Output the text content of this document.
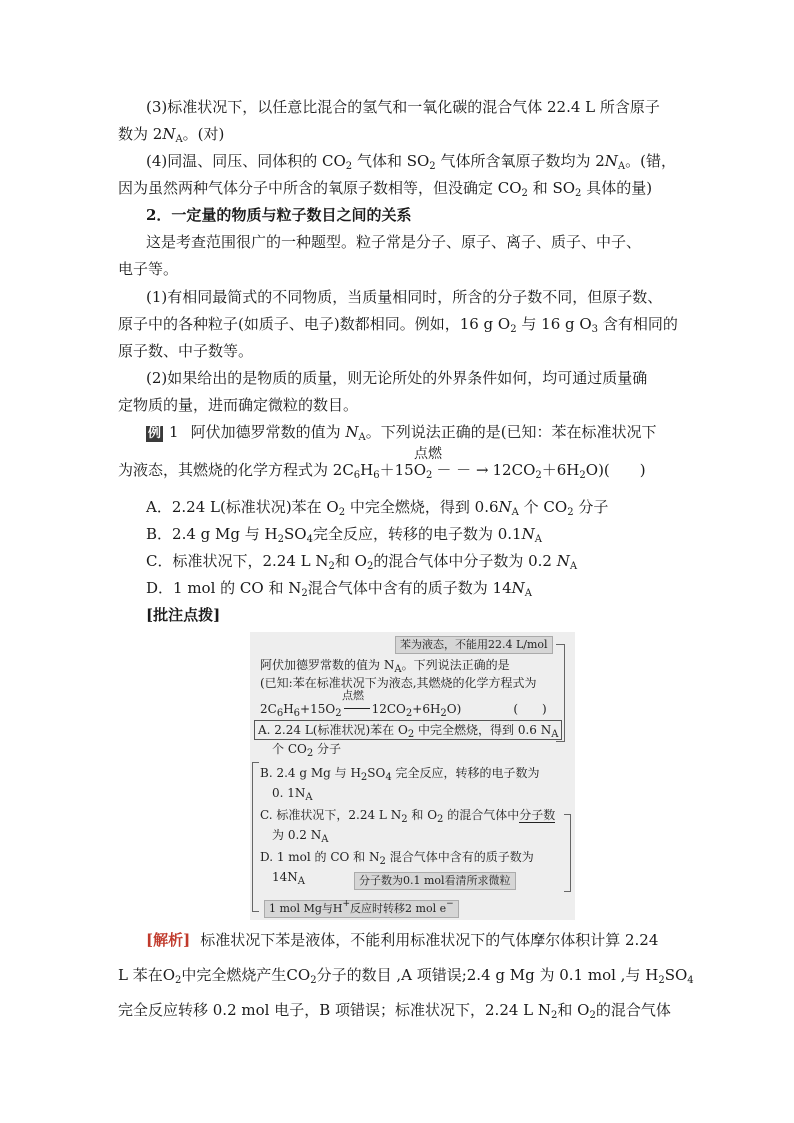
(3)标准状况下，以任意比混合的氢气和一氧化碳的混合气体 22.4 L 所含原子
数为 $2N_A$。(对)
(4)同温、同压、同体积的 $CO_2$ 气体和 $SO_2$ 气体所含氧原子数均为 $2N_A$。(错，
因为虽然两种气体分子中所含的氧原子数相等，但没确定 $CO_2$ 和 $SO_2$ 具体的量)
2．一定量的物质与粒子数目之间的关系
这是考查范围很广的一种题型。粒子常是分子、原子、离子、质子、中子、
电子等。
(1)有相同最简式的不同物质，当质量相同时，所含的分子数不同，但原子数、
原子中的各种粒子(如质子、电子)数都相同。例如，16 g $O_2$ 与 16 g $O_3$ 含有相同的
原子数、中子数等。
(2)如果给出的是物质的质量，则无论所处的外界条件如何，均可通过质量确
定物质的量，进而确定微粒的数目。
例 1 阿伏加德罗常数的值为 $N_A$。下列说法正确的是(已知：苯在标准状况下
点燃
为液态，其燃烧的化学方程式为 $2C_6H_6+15O_2$ － － → $12CO_2+6H_2O$)(　　)
A．2.24 L(标准状况)苯在 $O_2$ 中完全燃烧，得到 $0.6N_A$ 个 $CO_2$ 分子
B．2.4 g Mg 与 $H_2SO_4$完全反应，转移的电子数为 $0.1N_A$
C．标准状况下，2.24 L $N_2$和 $O_2$的混合气体中分子数为 0.2 $N_A$
D．1 mol 的 CO 和 $N_2$混合气体中含有的质子数为 $14N_A$
[批注点拨]
苯为液态，不能用22.4 L/mol
阿伏加德罗常数的值为 $N_A$。下列说法正确的是
(已知:苯在标准状况下为液态,其燃烧的化学方程式为
点燃
$2C_6H_6+15O_2$	$12CO_2+6H_2O$)	(　　)
A. 2.24 L(标准状况)苯在 $O_2$ 中完全燃烧，得到 0.6 $N_A$
个 $CO_2$ 分子
B. 2.4 g Mg 与 $H_2SO_4$ 完全反应，转移的电子数为
0. $1N_A$
C. 标准状况下，2.24 L $N_2$ 和 $O_2$ 的混合气体中分子数
为 0.2 $N_A$
D. 1 mol 的 CO 和 $N_2$ 混合气体中含有的质子数为
$14N_A$	分子数为0.1 mol看清所求微粒
1 mol Mg与H+反应时转移2 mol e−
[解析] 标准状况下苯是液体，不能利用标准状况下的气体摩尔体积计算 2.24
L 苯在$O_2$中完全燃烧产生$CO_2$分子的数目 ,A 项错误;2.4 g Mg 为 0.1 mol ,与 $H_2SO_4$
完全反应转移 0.2 mol 电子，B 项错误；标准状况下，2.24 L $N_2$和 $O_2$的混合气体
